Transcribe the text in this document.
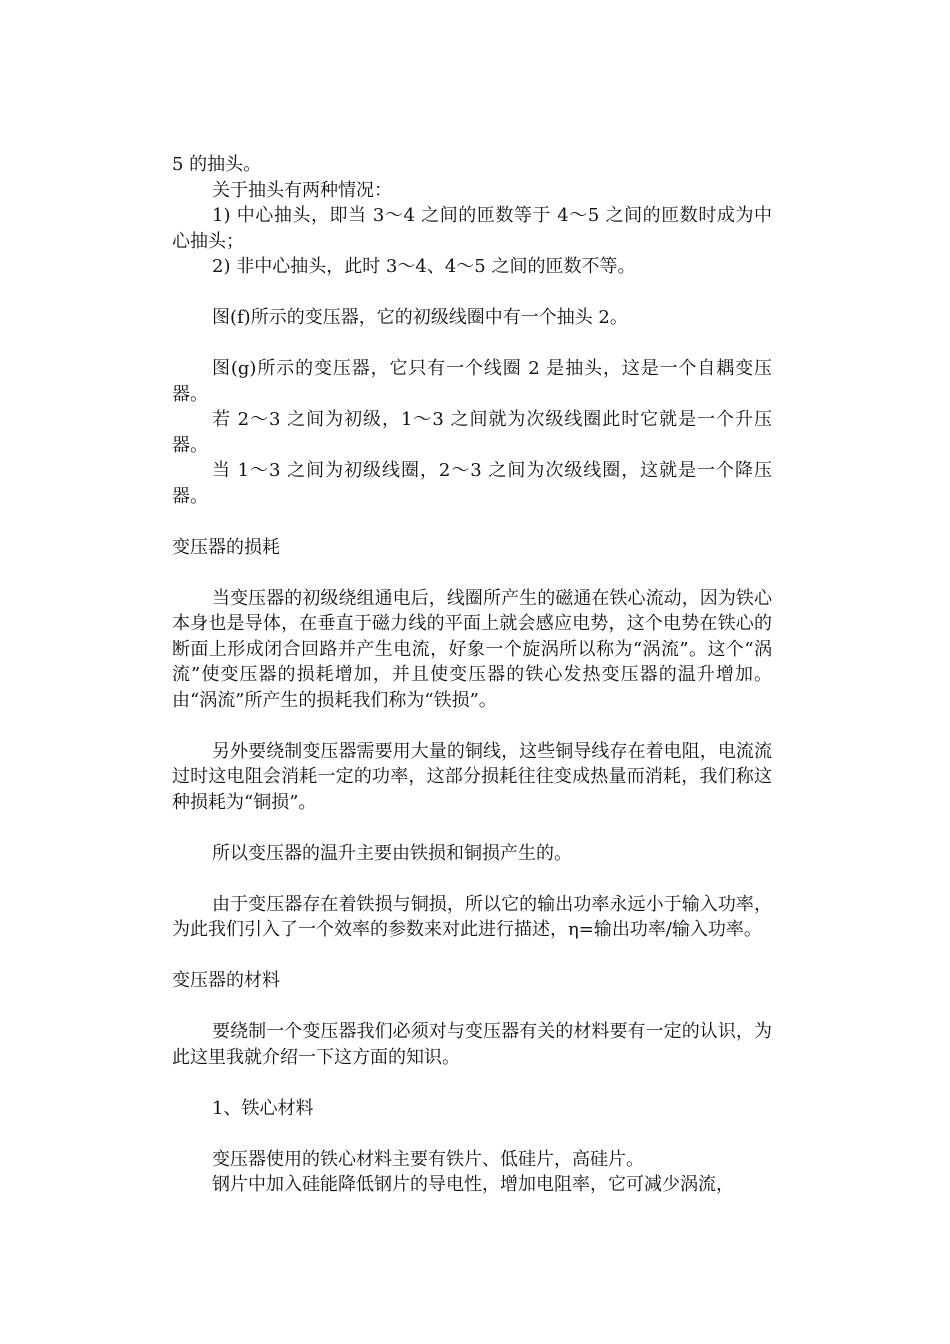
5 的抽头。

关于抽头有两种情况：

1) 中心抽头，即当 3～4 之间的匝数等于 4～5 之间的匝数时成为中心抽头；

2) 非中心抽头，此时 3～4、4～5 之间的匝数不等。

图(f)所示的变压器，它的初级线圈中有一个抽头 2。

图(g)所示的变压器，它只有一个线圈 2 是抽头，这是一个自耦变压器。

若 2～3 之间为初级，1～3 之间就为次级线圈此时它就是一个升压器。

当 1～3 之间为初级线圈，2～3 之间为次级线圈，这就是一个降压器。

变压器的损耗

当变压器的初级绕组通电后，线圈所产生的磁通在铁心流动，因为铁心本身也是导体，在垂直于磁力线的平面上就会感应电势，这个电势在铁心的断面上形成闭合回路并产生电流，好象一个旋涡所以称为“涡流”。这个“涡流”使变压器的损耗增加，并且使变压器的铁心发热变压器的温升增加。由“涡流”所产生的损耗我们称为“铁损”。

另外要绕制变压器需要用大量的铜线，这些铜导线存在着电阻，电流流过时这电阻会消耗一定的功率，这部分损耗往往变成热量而消耗，我们称这种损耗为“铜损”。

所以变压器的温升主要由铁损和铜损产生的。

由于变压器存在着铁损与铜损，所以它的输出功率永远小于输入功率，为此我们引入了一个效率的参数来对此进行描述，η=输出功率/输入功率。

变压器的材料

要绕制一个变压器我们必须对与变压器有关的材料要有一定的认识，为此这里我就介绍一下这方面的知识。

1、铁心材料

变压器使用的铁心材料主要有铁片、低硅片，高硅片。

钢片中加入硅能降低钢片的导电性，增加电阻率，它可减少涡流，
